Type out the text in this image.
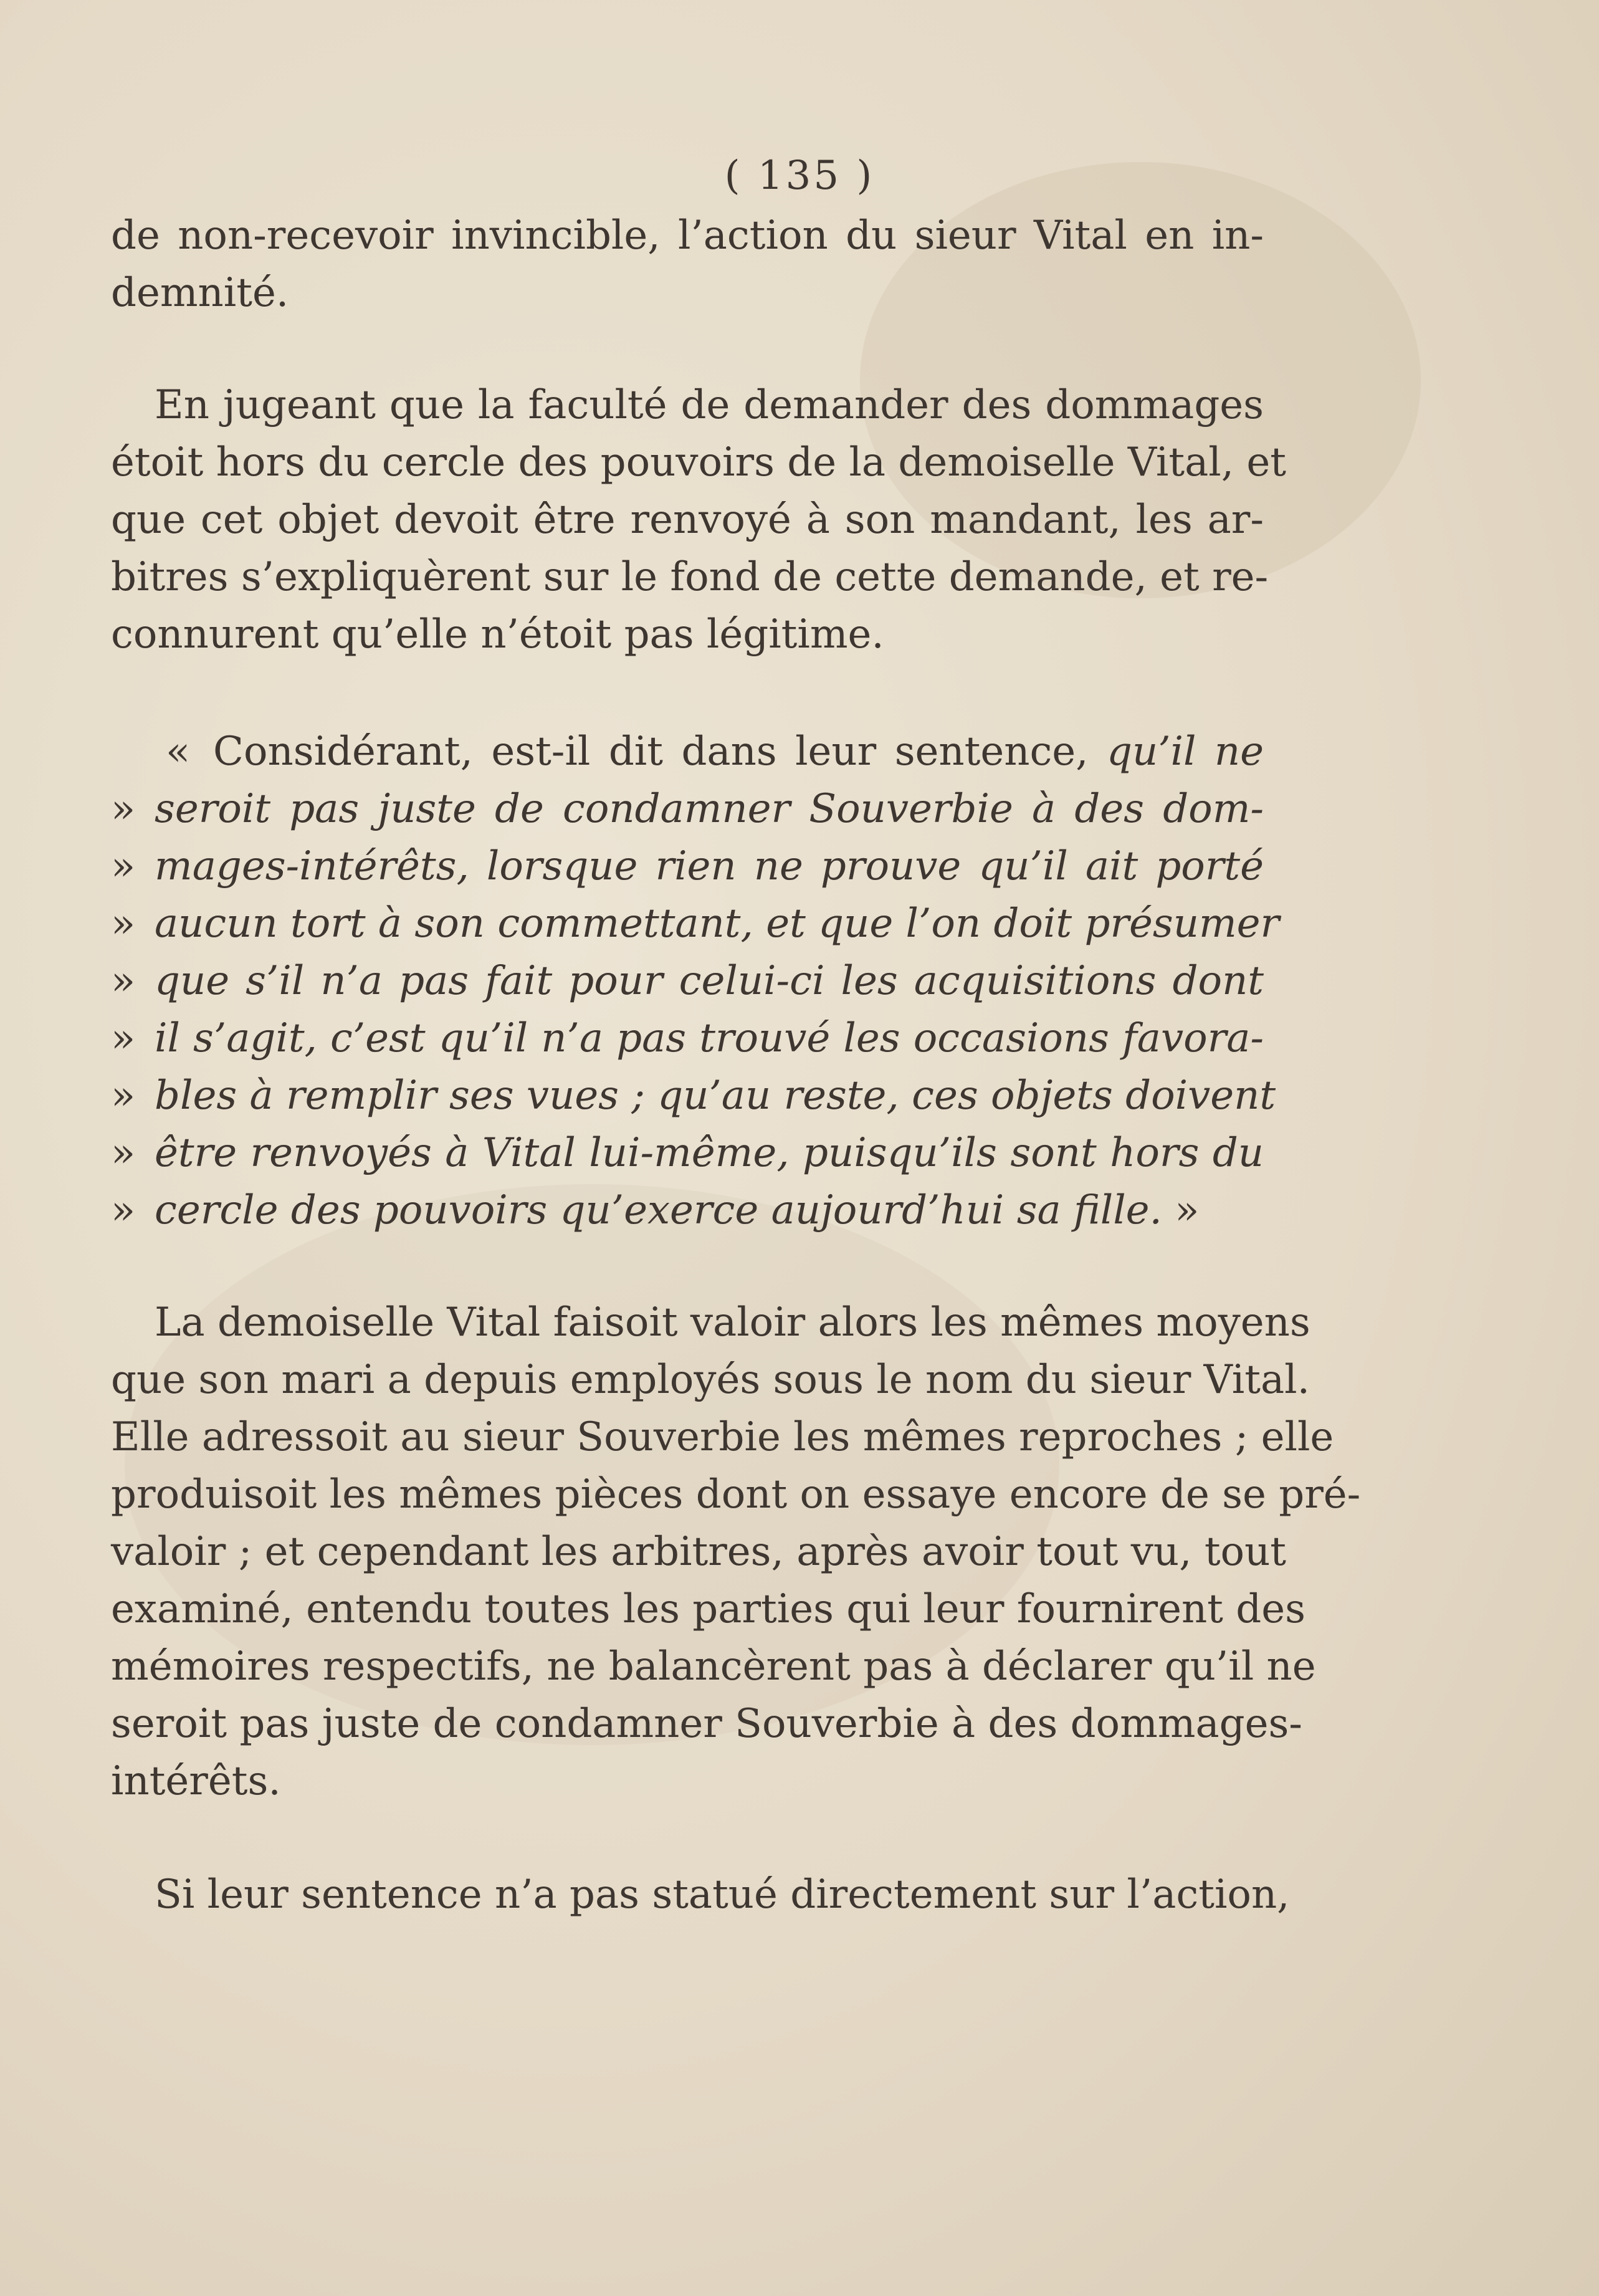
( 135 )
de non-recevoir invincible, l’action du sieur Vital en in-
demnité.
En jugeant que la faculté de demander des dommages
étoit hors du cercle des pouvoirs de la demoiselle Vital, et
que cet objet devoit être renvoyé à son mandant, les ar-
bitres s’expliquèrent sur le fond de cette demande, et re-
connurent qu’elle n’étoit pas légitime.
« Considérant, est-il dit dans leur sentence, qu’il ne
» seroit pas juste de condamner Souverbie à des dom-
» mages-intérêts, lorsque rien ne prouve qu’il ait porté
» aucun tort à son commettant, et que l’on doit présumer
» que s’il n’a pas fait pour celui-ci les acquisitions dont
» il s’agit, c’est qu’il n’a pas trouvé les occasions favora-
» bles à remplir ses vues ; qu’au reste, ces objets doivent
» être renvoyés à Vital lui-même, puisqu’ils sont hors du
» cercle des pouvoirs qu’exerce aujourd’hui sa fille. »
La demoiselle Vital faisoit valoir alors les mêmes moyens
que son mari a depuis employés sous le nom du sieur Vital.
Elle adressoit au sieur Souverbie les mêmes reproches ; elle
produisoit les mêmes pièces dont on essaye encore de se pré-
valoir ; et cependant les arbitres, après avoir tout vu, tout
examiné, entendu toutes les parties qui leur fournirent des
mémoires respectifs, ne balancèrent pas à déclarer qu’il ne
seroit pas juste de condamner Souverbie à des dommages-
intérêts.
Si leur sentence n’a pas statué directement sur l’action,
